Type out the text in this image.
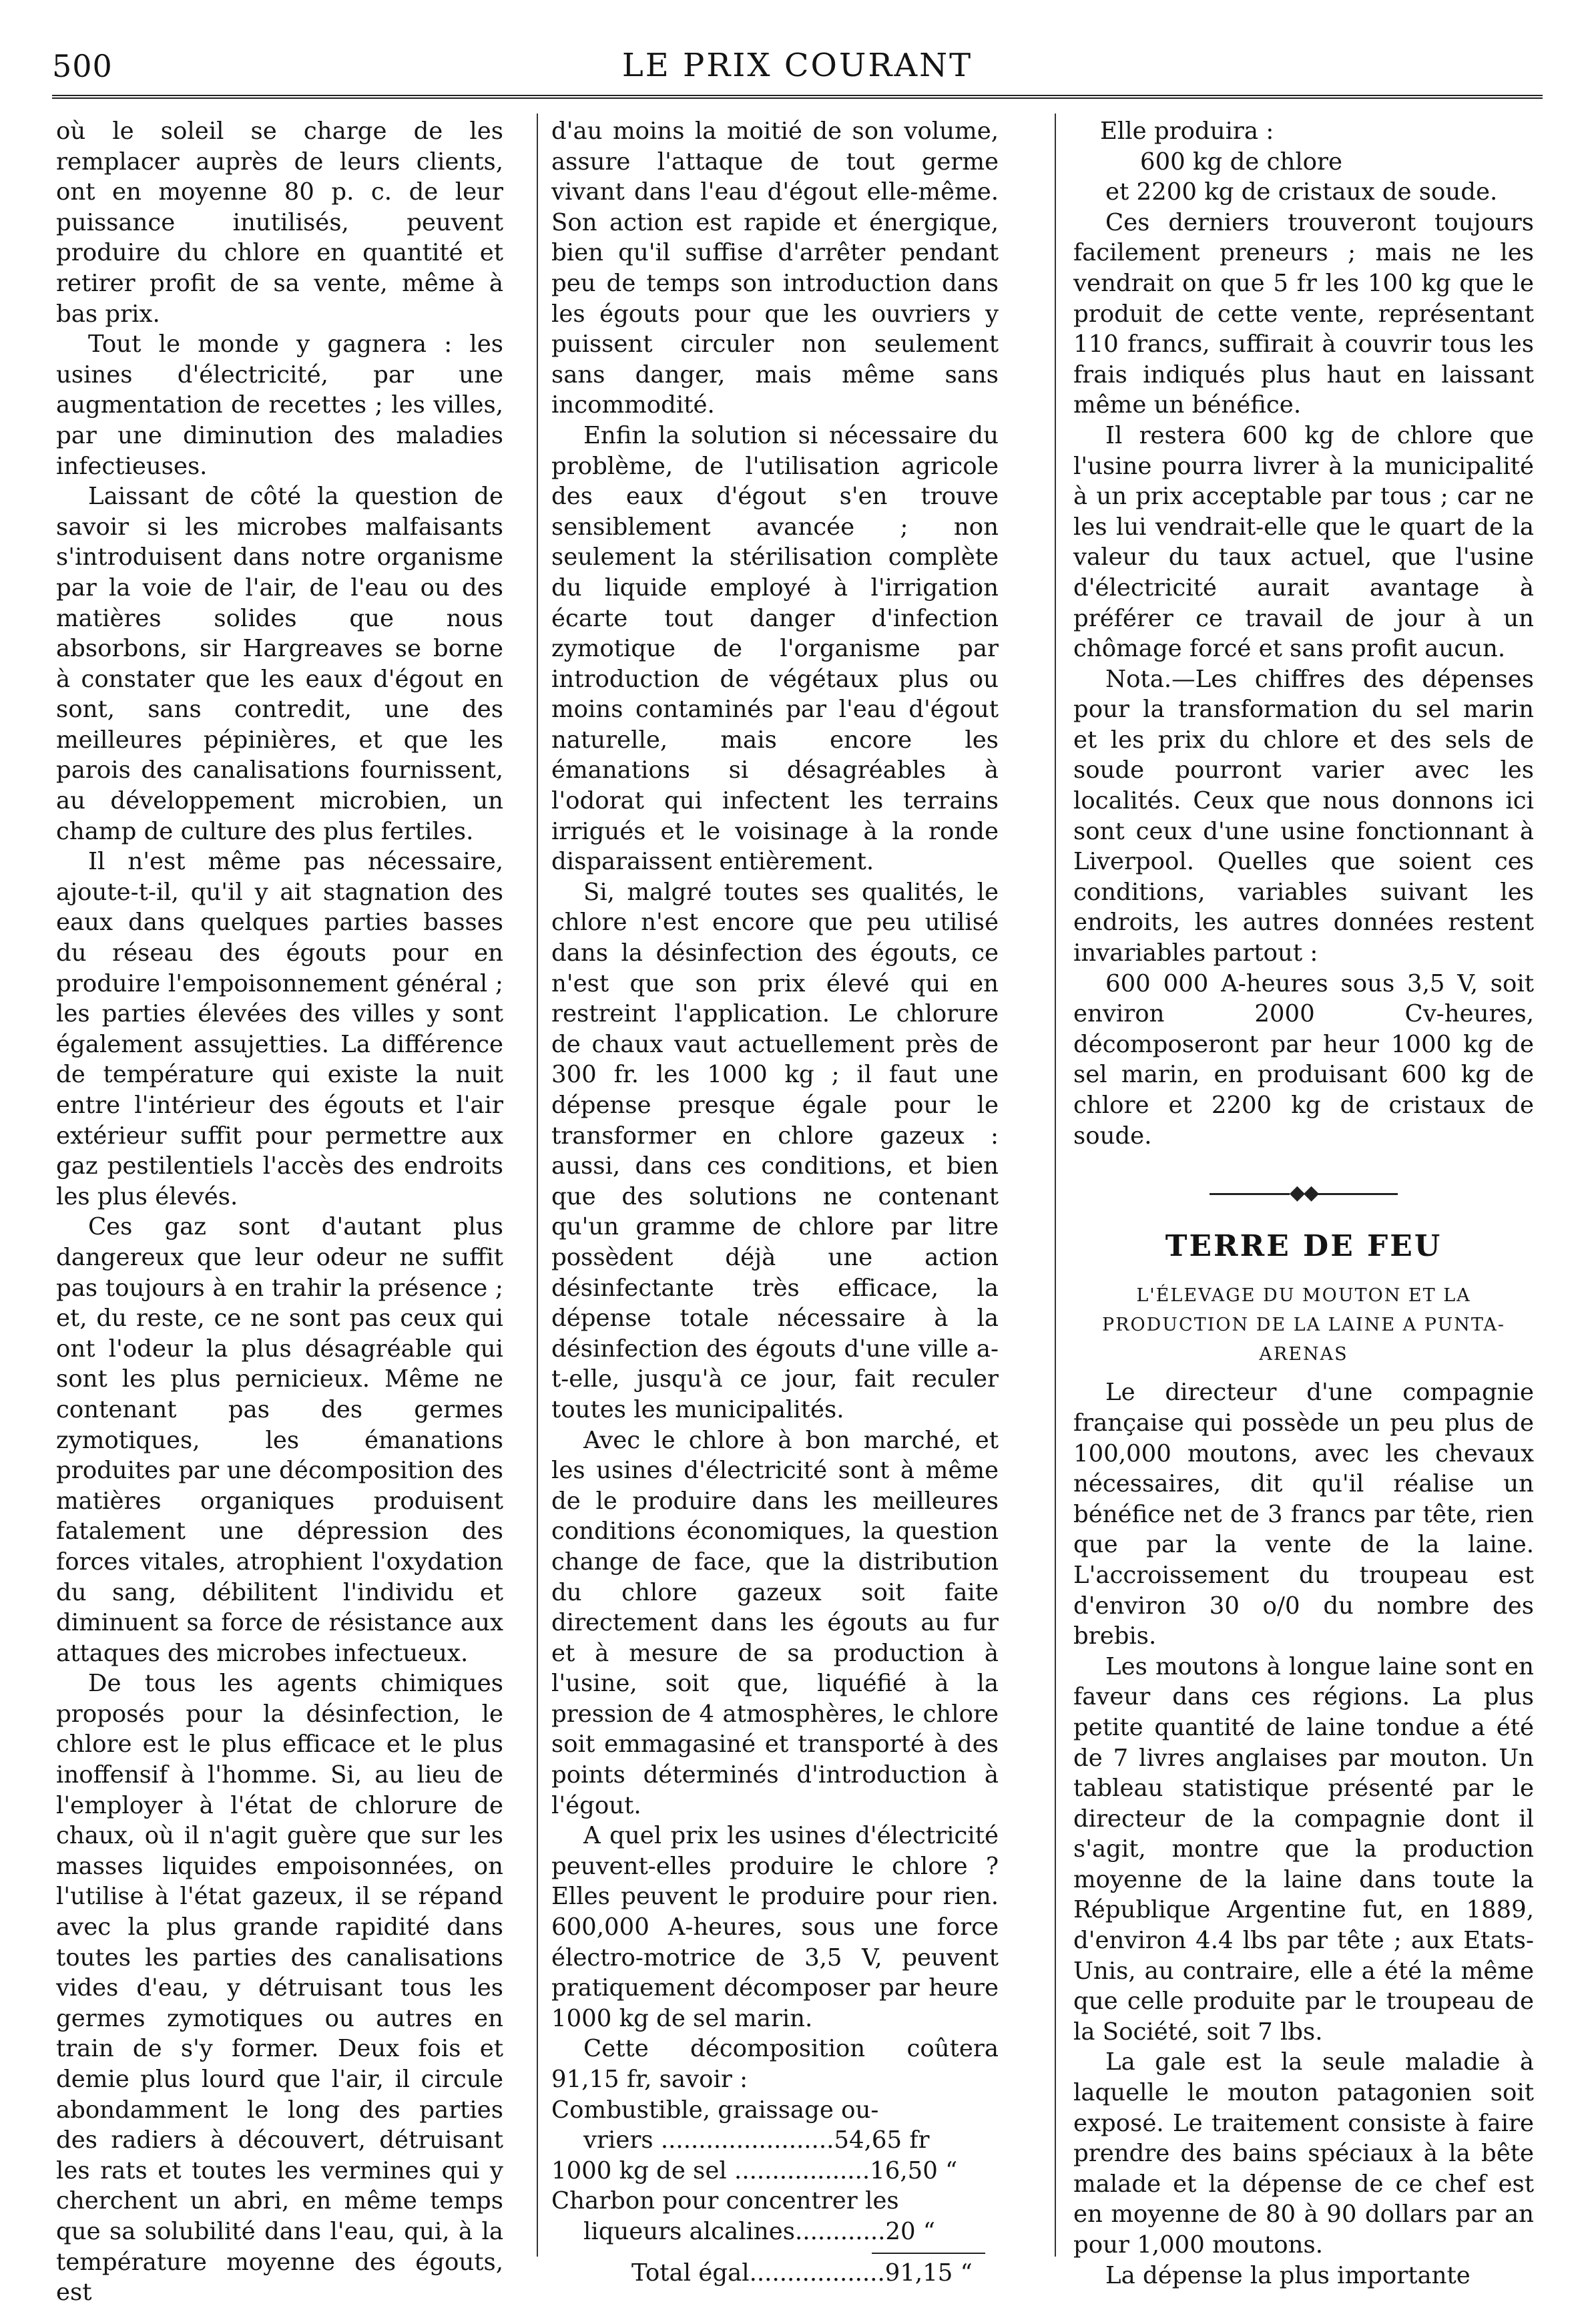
500	LE PRIX COURANT

où le soleil se charge de les remplacer auprès de leurs clients, ont en moyenne 80 p. c. de leur puissance inutilisés, peuvent produire du chlore en quantité et retirer profit de sa vente, même à bas prix.

Tout le monde y gagnera : les usines d'électricité, par une augmentation de recettes ; les villes, par une diminution des maladies infectieuses.

Laissant de côté la question de savoir si les microbes malfaisants s'introduisent dans notre organisme par la voie de l'air, de l'eau ou des matières solides que nous absorbons, sir Hargreaves se borne à constater que les eaux d'égout en sont, sans contredit, une des meilleures pépinières, et que les parois des canalisations fournissent, au développement microbien, un champ de culture des plus fertiles.

Il n'est même pas nécessaire, ajoute-t-il, qu'il y ait stagnation des eaux dans quelques parties basses du réseau des égouts pour en produire l'empoisonnement général ; les parties élevées des villes y sont également assujetties. La différence de température qui existe la nuit entre l'intérieur des égouts et l'air extérieur suffit pour permettre aux gaz pestilentiels l'accès des endroits les plus élevés.

Ces gaz sont d'autant plus dangereux que leur odeur ne suffit pas toujours à en trahir la présence ; et, du reste, ce ne sont pas ceux qui ont l'odeur la plus désagréable qui sont les plus pernicieux. Même ne contenant pas des germes zymotiques, les émanations produites par une décomposition des matières organiques produisent fatalement une dépression des forces vitales, atrophient l'oxydation du sang, débilitent l'individu et diminuent sa force de résistance aux attaques des microbes infectueux.

De tous les agents chimiques proposés pour la désinfection, le chlore est le plus efficace et le plus inoffensif à l'homme. Si, au lieu de l'employer à l'état de chlorure de chaux, où il n'agit guère que sur les masses liquides empoisonnées, on l'utilise à l'état gazeux, il se répand avec la plus grande rapidité dans toutes les parties des canalisations vides d'eau, y détruisant tous les germes zymotiques ou autres en train de s'y former. Deux fois et demie plus lourd que l'air, il circule abondamment le long des parties des radiers à découvert, détruisant les rats et toutes les vermines qui y cherchent un abri, en même temps que sa solubilité dans l'eau, qui, à la température moyenne des égouts, est

d'au moins la moitié de son volume, assure l'attaque de tout germe vivant dans l'eau d'égout elle-même. Son action est rapide et énergique, bien qu'il suffise d'arrêter pendant peu de temps son introduction dans les égouts pour que les ouvriers y puissent circuler non seulement sans danger, mais même sans incommodité.

Enfin la solution si nécessaire du problème, de l'utilisation agricole des eaux d'égout s'en trouve sensiblement avancée ; non seulement la stérilisation complète du liquide employé à l'irrigation écarte tout danger d'infection zymotique de l'organisme par introduction de végétaux plus ou moins contaminés par l'eau d'égout naturelle, mais encore les émanations si désagréables à l'odorat qui infectent les terrains irrigués et le voisinage à la ronde disparaissent entièrement.

Si, malgré toutes ses qualités, le chlore n'est encore que peu utilisé dans la désinfection des égouts, ce n'est que son prix élevé qui en restreint l'application. Le chlorure de chaux vaut actuellement près de 300 fr. les 1000 kg ; il faut une dépense presque égale pour le transformer en chlore gazeux : aussi, dans ces conditions, et bien que des solutions ne contenant qu'un gramme de chlore par litre possèdent déjà une action désinfectante très efficace, la dépense totale nécessaire à la désinfection des égouts d'une ville a-t-elle, jusqu'à ce jour, fait reculer toutes les municipalités.

Avec le chlore à bon marché, et les usines d'électricité sont à même de le produire dans les meilleures conditions économiques, la question change de face, que la distribution du chlore gazeux soit faite directement dans les égouts au fur et à mesure de sa production à l'usine, soit que, liquéfié à la pression de 4 atmosphères, le chlore soit emmagasiné et transporté à des points déterminés d'introduction à l'égout.

A quel prix les usines d'électricité peuvent-elles produire le chlore ? Elles peuvent le produire pour rien. 600,000 A-heures, sous une force électro-motrice de 3,5 V, peuvent pratiquement décomposer par heure 1000 kg de sel marin.

Cette décomposition coûtera 91,15 fr, savoir :

Combustible, graissage ou-
vriers .......................54,65 fr
1000 kg de sel ..................16,50 “
Charbon pour concentrer les
liqueurs alcalines............20 “
Total égal..................91,15 “

Elle produira :

600 kg de chlore

et 2200 kg de cristaux de soude.

Ces derniers trouveront toujours facilement preneurs ; mais ne les vendrait on que 5 fr les 100 kg que le produit de cette vente, représentant 110 francs, suffirait à couvrir tous les frais indiqués plus haut en laissant même un bénéfice.

Il restera 600 kg de chlore que l'usine pourra livrer à la municipalité à un prix acceptable par tous ; car ne les lui vendrait-elle que le quart de la valeur du taux actuel, que l'usine d'électricité aurait avantage à préférer ce travail de jour à un chômage forcé et sans profit aucun.

Nota.—Les chiffres des dépenses pour la transformation du sel marin et les prix du chlore et des sels de soude pourront varier avec les localités. Ceux que nous donnons ici sont ceux d'une usine fonctionnant à Liverpool. Quelles que soient ces conditions, variables suivant les endroits, les autres données restent invariables partout :

600 000 A-heures sous 3,5 V, soit environ 2000 Cv-heures, décomposeront par heur 1000 kg de sel marin, en produisant 600 kg de chlore et 2200 kg de cristaux de soude.

◆◆
TERRE DE FEU
L'ÉLEVAGE DU MOUTON ET LA PRODUCTION DE LA LAINE A PUNTA-ARENAS

Le directeur d'une compagnie française qui possède un peu plus de 100,000 moutons, avec les chevaux nécessaires, dit qu'il réalise un bénéfice net de 3 francs par tête, rien que par la vente de la laine. L'accroissement du troupeau est d'environ 30 o/0 du nombre des brebis.

Les moutons à longue laine sont en faveur dans ces régions. La plus petite quantité de laine tondue a été de 7 livres anglaises par mouton. Un tableau statistique présenté par le directeur de la compagnie dont il s'agit, montre que la production moyenne de la laine dans toute la République Argentine fut, en 1889, d'environ 4.4 lbs par tête ; aux Etats-Unis, au contraire, elle a été la même que celle produite par le troupeau de la Société, soit 7 lbs.

La gale est la seule maladie à laquelle le mouton patagonien soit exposé. Le traitement consiste à faire prendre des bains spéciaux à la bête malade et la dépense de ce chef est en moyenne de 80 à 90 dollars par an pour 1,000 moutons.

La dépense la plus importante
